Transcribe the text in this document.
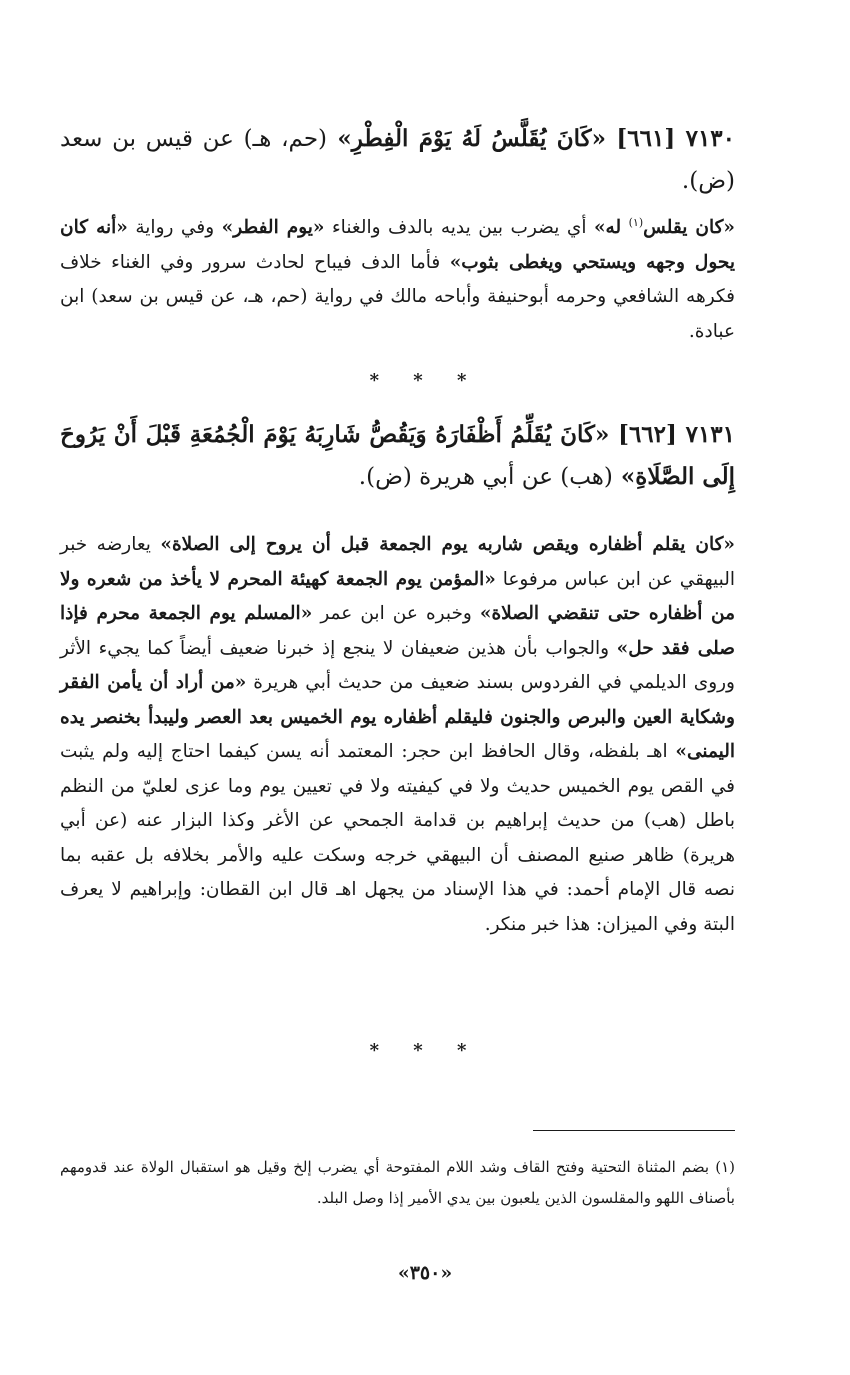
٧١٣٠ [٦٦١] «كَانَ يُقَلَّسُ لَهُ يَوْمَ الْفِطْرِ» (حم، هـ) عن قيس بن سعد (ض).
«كان يقلس$^{(١)}$ له» أي يضرب بين يديه بالدف والغناء «يوم الفطر» وفي رواية «أنه كان يحول وجهه ويستحي ويغطى بثوب» فأما الدف فيباح لحادث سرور وفي الغناء خلاف فكرهه الشافعي وحرمه أبوحنيفة وأباحه مالك في رواية (حم، هـ، عن قيس بن سعد) ابن عبادة.
* * *
٧١٣١ [٦٦٢] «كَانَ يُقَلِّمُ أَظْفَارَهُ وَيَقُصُّ شَارِبَهُ يَوْمَ الْجُمُعَةِ قَبْلَ أَنْ يَرُوحَ إِلَى الصَّلَاةِ» (هب) عن أبي هريرة (ض).
«كان يقلم أظفاره ويقص شاربه يوم الجمعة قبل أن يروح إلى الصلاة» يعارضه خبر البيهقي عن ابن عباس مرفوعا «المؤمن يوم الجمعة كهيئة المحرم لا يأخذ من شعره ولا من أظفاره حتى تنقضي الصلاة» وخبره عن ابن عمر «المسلم يوم الجمعة محرم فإذا صلى فقد حل» والجواب بأن هذين ضعيفان لا ينجع إذ خبرنا ضعيف أيضاً كما يجيء الأثر وروى الديلمي في الفردوس بسند ضعيف من حديث أبي هريرة «من أراد أن يأمن الفقر وشكاية العين والبرص والجنون فليقلم أظفاره يوم الخميس بعد العصر وليبدأ بخنصر يده اليمنى» اهـ بلفظه، وقال الحافظ ابن حجر: المعتمد أنه يسن كيفما احتاج إليه ولم يثبت في القص يوم الخميس حديث ولا في كيفيته ولا في تعيين يوم وما عزى لعليّ من النظم باطل (هب) من حديث إبراهيم بن قدامة الجمحي عن الأغر وكذا البزار عنه (عن أبي هريرة) ظاهر صنيع المصنف أن البيهقي خرجه وسكت عليه والأمر بخلافه بل عقبه بما نصه قال الإمام أحمد: في هذا الإسناد من يجهل اهـ قال ابن القطان: وإبراهيم لا يعرف البتة وفي الميزان: هذا خبر منكر.
* * *
(١) بضم المثناة التحتية وفتح القاف وشد اللام المفتوحة أي يضرب إلخ وقيل هو استقبال الولاة عند قدومهم بأصناف اللهو والمقلسون الذين يلعبون بين يدي الأمير إذا وصل البلد.
«٣٥٠»
